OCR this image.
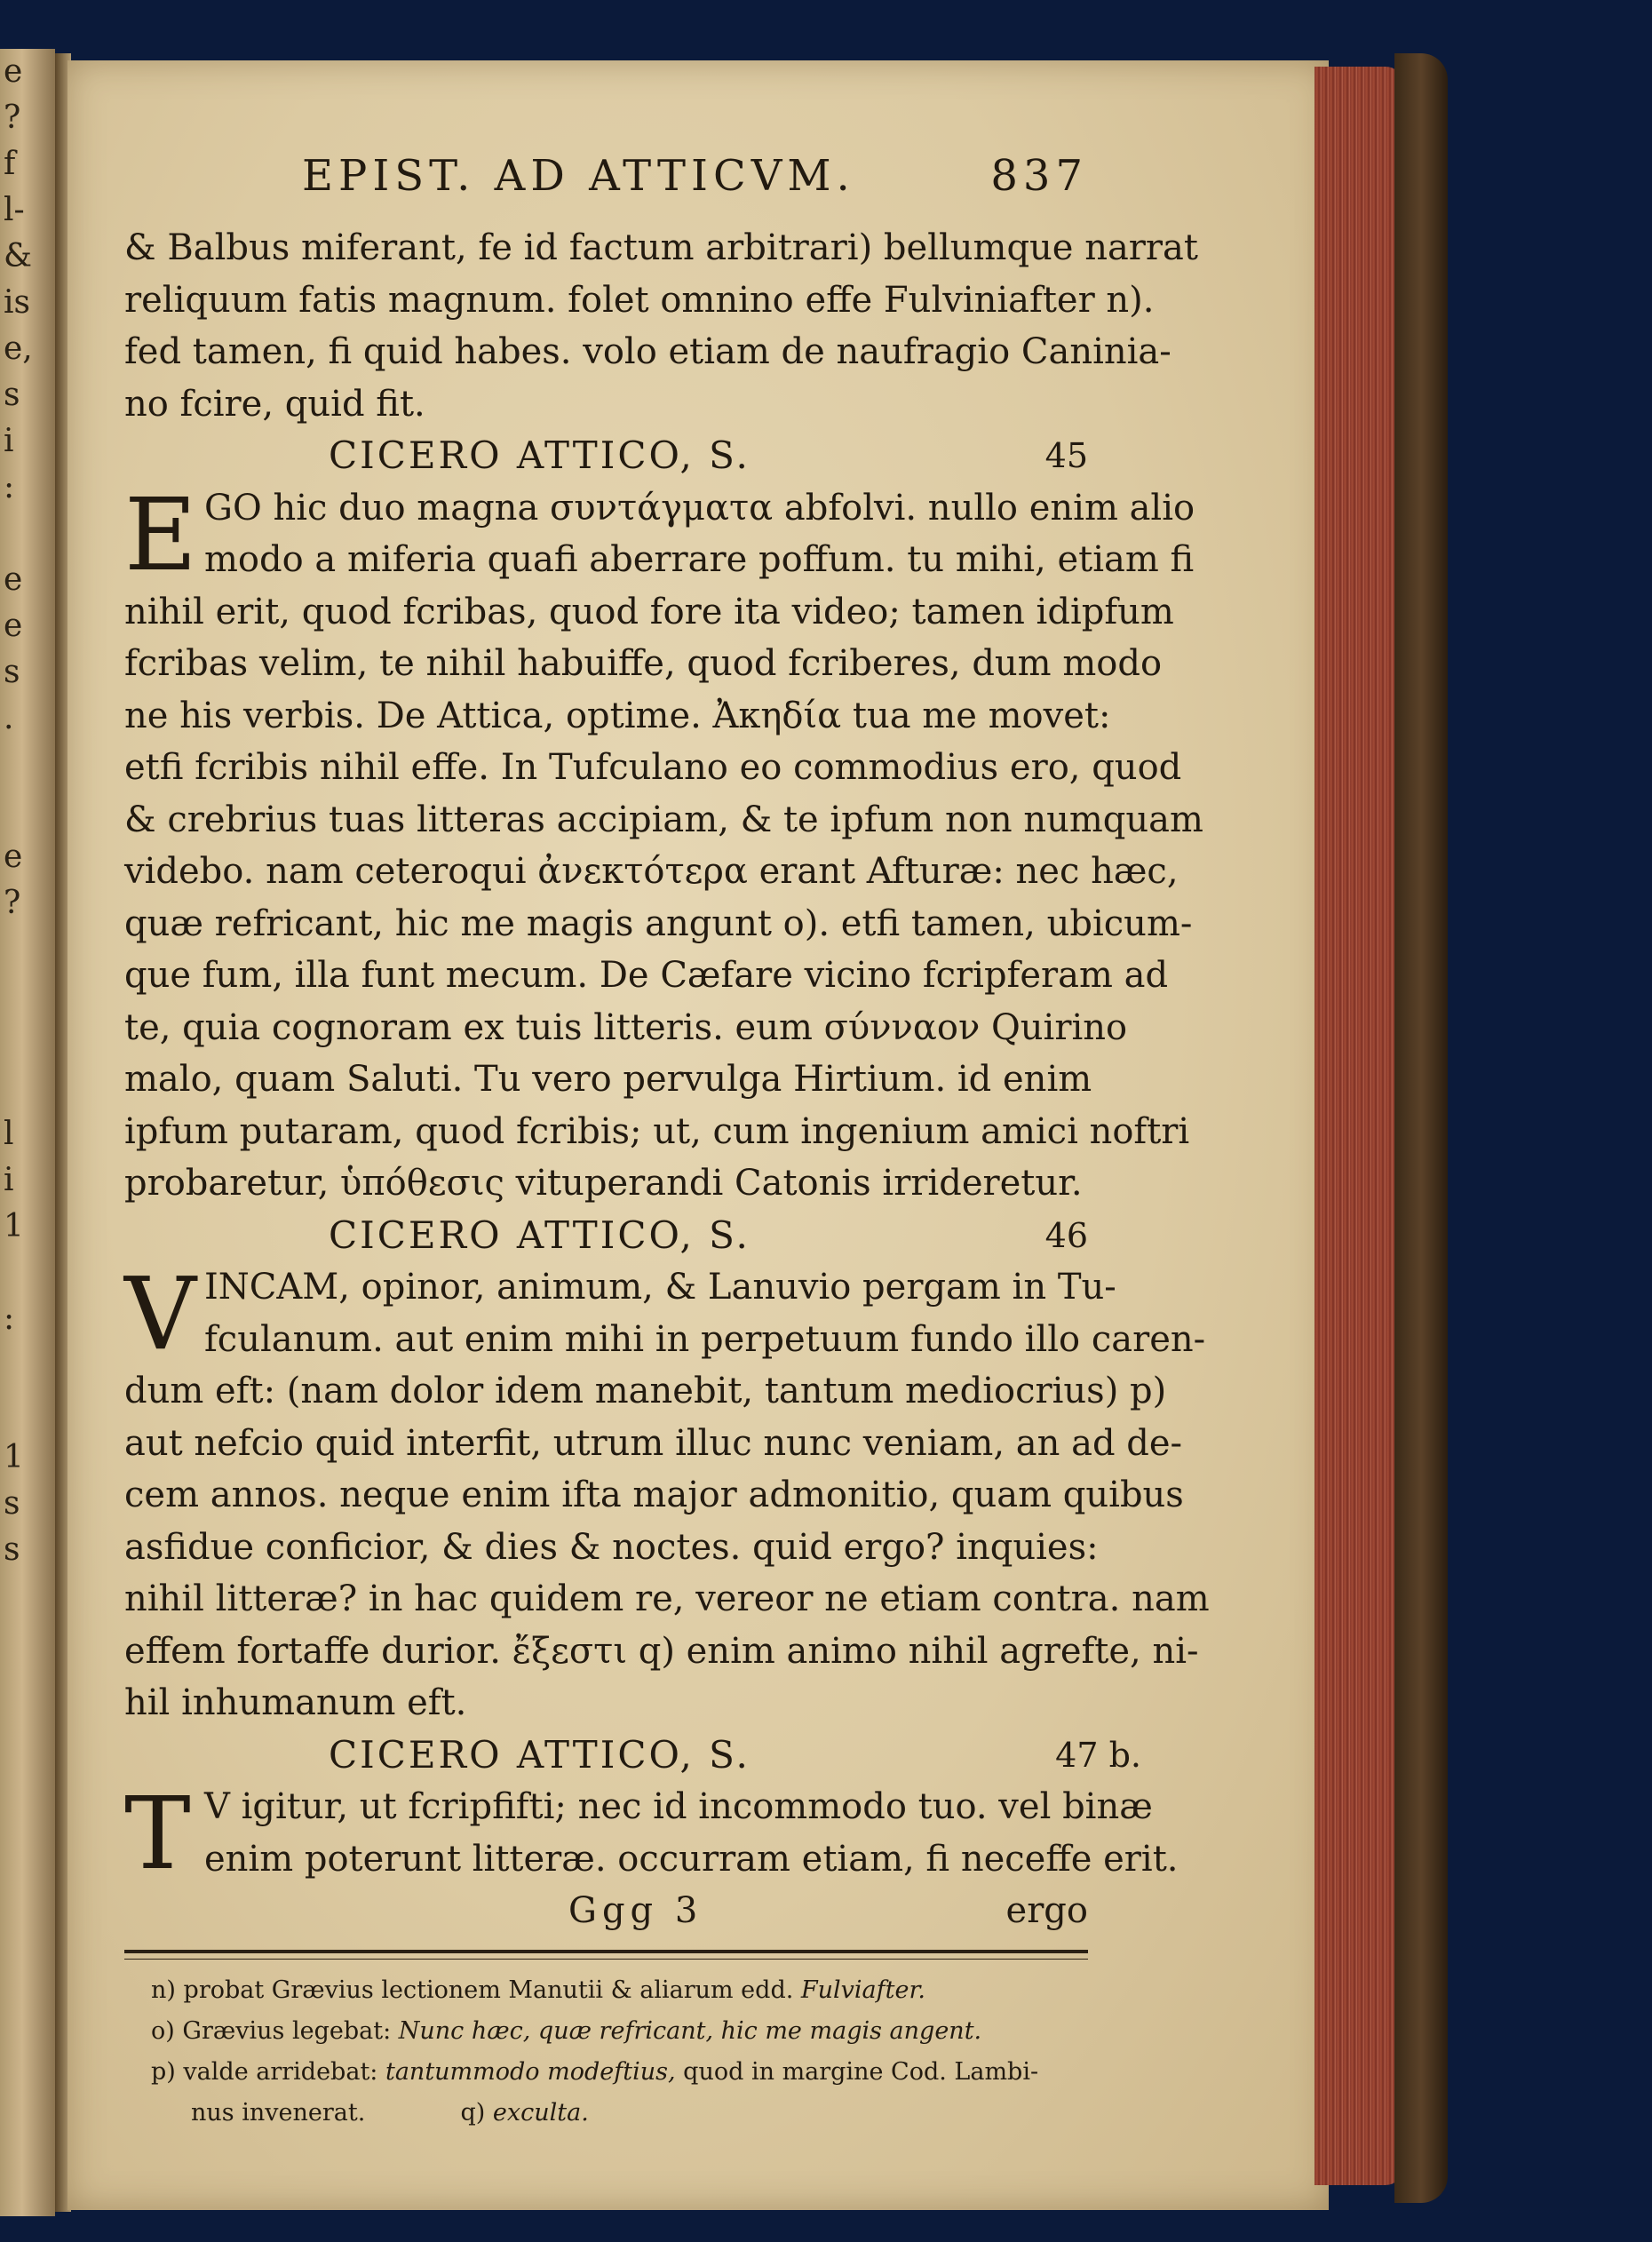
e
?
f
l-
&
is
e,
s
i
:
e
e
s
.
e
?
l
i
1
:
1
s
s
EPIST. AD ATTICVM.	837
& Balbus miferant, fe id factum arbitrari) bellumque narrat
reliquum fatis magnum. folet omnino effe Fulviniafter n).
fed tamen, fi quid habes. volo etiam de naufragio Caninia-
no fcire, quid fit.
CICERO ATTICO, S.	45
E GO hic duo magna συντάγματα abfolvi. nullo enim alio
modo a miferia quafi aberrare poffum. tu mihi, etiam fi
nihil erit, quod fcribas, quod fore ita video; tamen idipfum
fcribas velim, te nihil habuiffe, quod fcriberes, dum modo
ne his verbis. De Attica, optime. Ἀκηδία tua me movet:
etfi fcribis nihil effe. In Tufculano eo commodius ero, quod
& crebrius tuas litteras accipiam, & te ipfum non numquam
videbo. nam ceteroqui ἀνεκτότερα erant Afturæ: nec hæc,
quæ refricant, hic me magis angunt o). etfi tamen, ubicum-
que fum, illa funt mecum. De Cæfare vicino fcripferam ad
te, quia cognoram ex tuis litteris. eum σύνναον Quirino
malo, quam Saluti. Tu vero pervulga Hirtium. id enim
ipfum putaram, quod fcribis; ut, cum ingenium amici noftri
probaretur, ὑπόθεσις vituperandi Catonis irrideretur.
CICERO ATTICO, S.	46
V INCAM, opinor, animum, & Lanuvio pergam in Tu-
fculanum. aut enim mihi in perpetuum fundo illo caren-
dum eft: (nam dolor idem manebit, tantum mediocrius) p)
aut nefcio quid interfit, utrum illuc nunc veniam, an ad de-
cem annos. neque enim ifta major admonitio, quam quibus
asfidue conficior, & dies & noctes. quid ergo? inquies:
nihil litteræ? in hac quidem re, vereor ne etiam contra. nam
effem fortaffe durior. ἔξεστι q) enim animo nihil agrefte, ni-
hil inhumanum eft.
CICERO ATTICO, S.	47 b.
T V igitur, ut fcripfifti; nec id incommodo tuo. vel binæ
enim poterunt litteræ. occurram etiam, fi neceffe erit.
Ggg 3	ergo
n) probat Grævius lectionem Manutii & aliarum edd. Fulviafter.
o) Grævius legebat: Nunc hæc, quæ refricant, hic me magis angent.
p) valde arridebat: tantummodo modeftius, quod in margine Cod. Lambi-
nus invenerat.	q) exculta.
